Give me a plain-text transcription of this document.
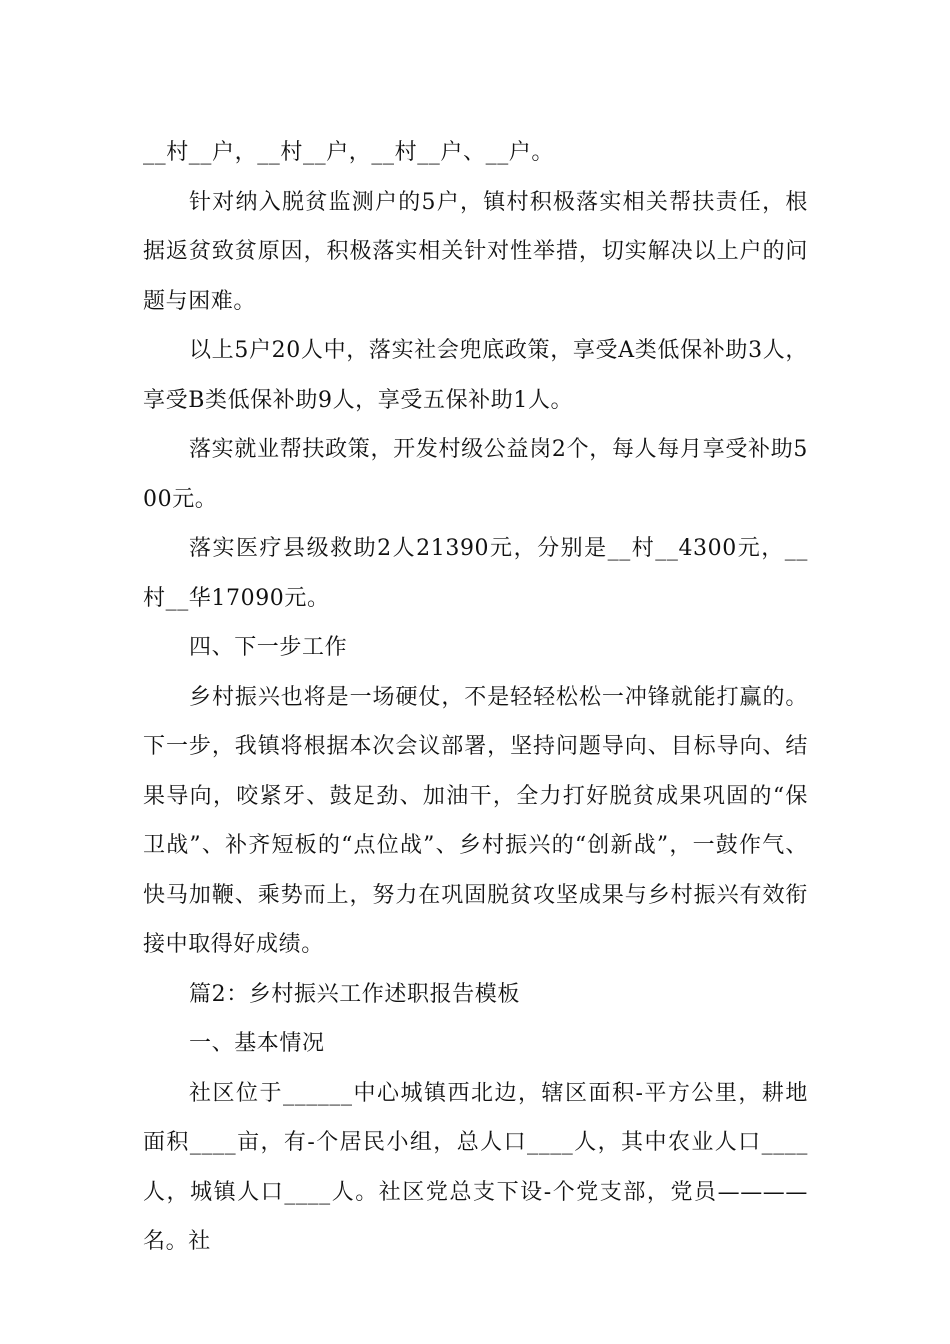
__村__户，__村__户，__村__户、__户。

针对纳入脱贫监测户的5户，镇村积极落实相关帮扶责任，根据返贫致贫原因，积极落实相关针对性举措，切实解决以上户的问题与困难。

以上5户20人中，落实社会兜底政策，享受A类低保补助3人，享受B类低保补助9人，享受五保补助1人。

落实就业帮扶政策，开发村级公益岗2个，每人每月享受补助500元。

落实医疗县级救助2人21390元，分别是__村__4300元，__村__华17090元。

四、下一步工作

乡村振兴也将是一场硬仗，不是轻轻松松一冲锋就能打赢的。下一步，我镇将根据本次会议部署，坚持问题导向、目标导向、结果导向，咬紧牙、鼓足劲、加油干，全力打好脱贫成果巩固的“保卫战”、补齐短板的“点位战”、乡村振兴的“创新战”，一鼓作气、快马加鞭、乘势而上，努力在巩固脱贫攻坚成果与乡村振兴有效衔接中取得好成绩。

篇2：乡村振兴工作述职报告模板

一、基本情况

社区位于______中心城镇西北边，辖区面积-平方公里，耕地面积____亩，有-个居民小组，总人口____人，其中农业人口____人，城镇人口____人。社区党总支下设-个党支部，党员————名。社
